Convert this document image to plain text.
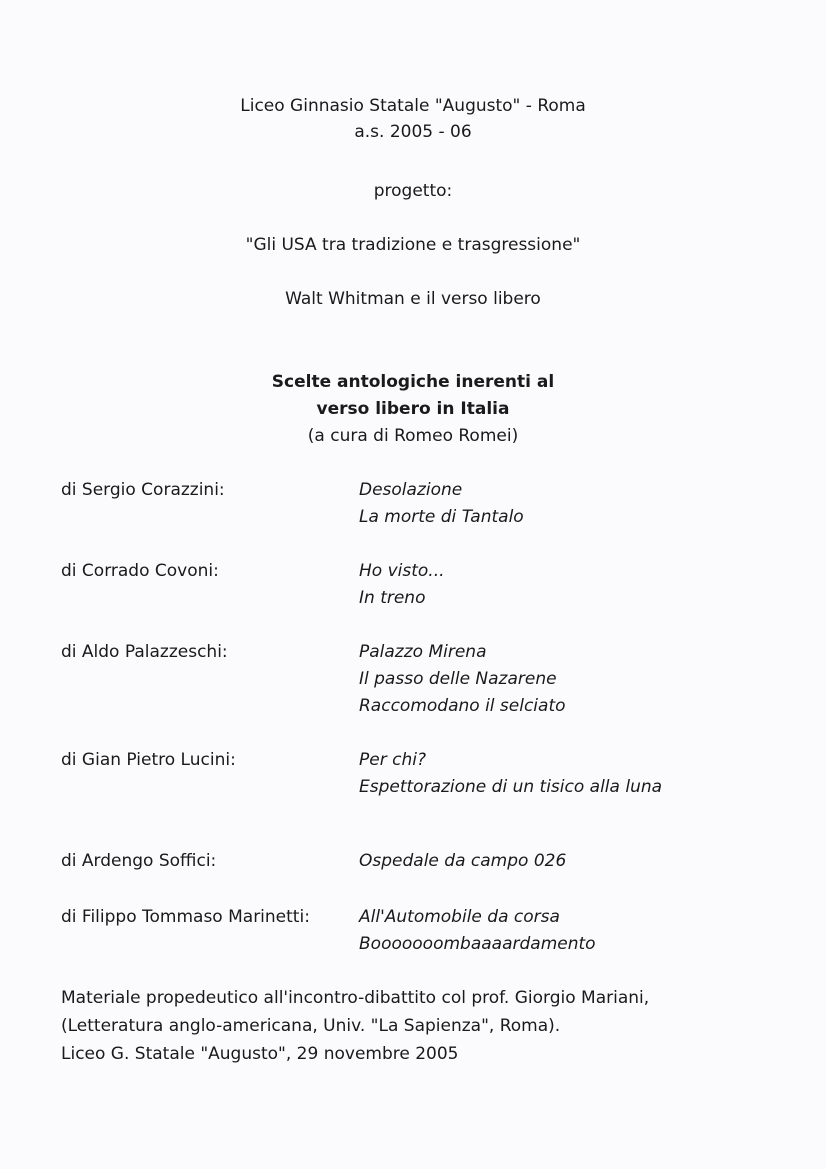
Liceo Ginnasio Statale "Augusto" - Roma
a.s. 2005 - 06
progetto:
"Gli USA tra tradizione e trasgressione"
Walt Whitman e il verso libero
Scelte antologiche inerenti al
verso libero in Italia
(a cura di Romeo Romei)
di Sergio Corazzini:	Desolazione
La morte di Tantalo
di Corrado Covoni:	Ho visto...
In treno
di Aldo Palazzeschi:	Palazzo Mirena
Il passo delle Nazarene
Raccomodano il selciato
di Gian Pietro Lucini:	Per chi?
Espettorazione di un tisico alla luna
di Ardengo Soffici:	Ospedale da campo 026
di Filippo Tommaso Marinetti:	All'Automobile da corsa
Booooooombaaaardamento
Materiale propedeutico all'incontro-dibattito col prof. Giorgio Mariani,
(Letteratura anglo-americana, Univ. "La Sapienza", Roma).
Liceo G. Statale "Augusto", 29 novembre 2005
